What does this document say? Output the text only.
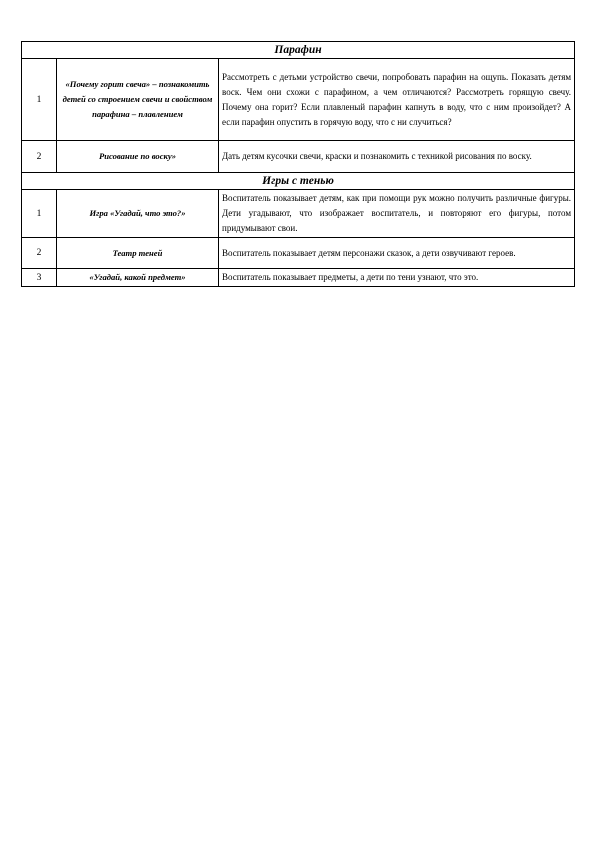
Парафин		
1	«Почему горит свеча» – познакомить детей со строением свечи и свойством парафина – плавлением	Рассмотреть с детьми устройство свечи, попробовать парафин на ощупь. Показать детям воск. Чем они схожи с парафином, а чем отличаются? Рассмотреть горящую свечу. Почему она горит? Если плавленый парафин капнуть в воду, что с ним произойдет? А если парафин опустить в горячую воду, что с ни случиться?
2	Рисование по воску»	Дать детям кусочки свечи, краски и познакомить с техникой рисования по воску.
Игры с тенью		
1	Игра «Угадай, что это?»	Воспитатель показывает детям, как при помощи рук можно получить различные фигуры. Дети угадывают, что изображает воспитатель, и повторяют его фигуры, потом придумывают свои.
2	Театр теней	Воспитатель показывает детям персонажи сказок, а дети озвучивают героев.
3	«Угадай, какой предмет»	Воспитатель показывает предметы, а дети по тени узнают, что это.
